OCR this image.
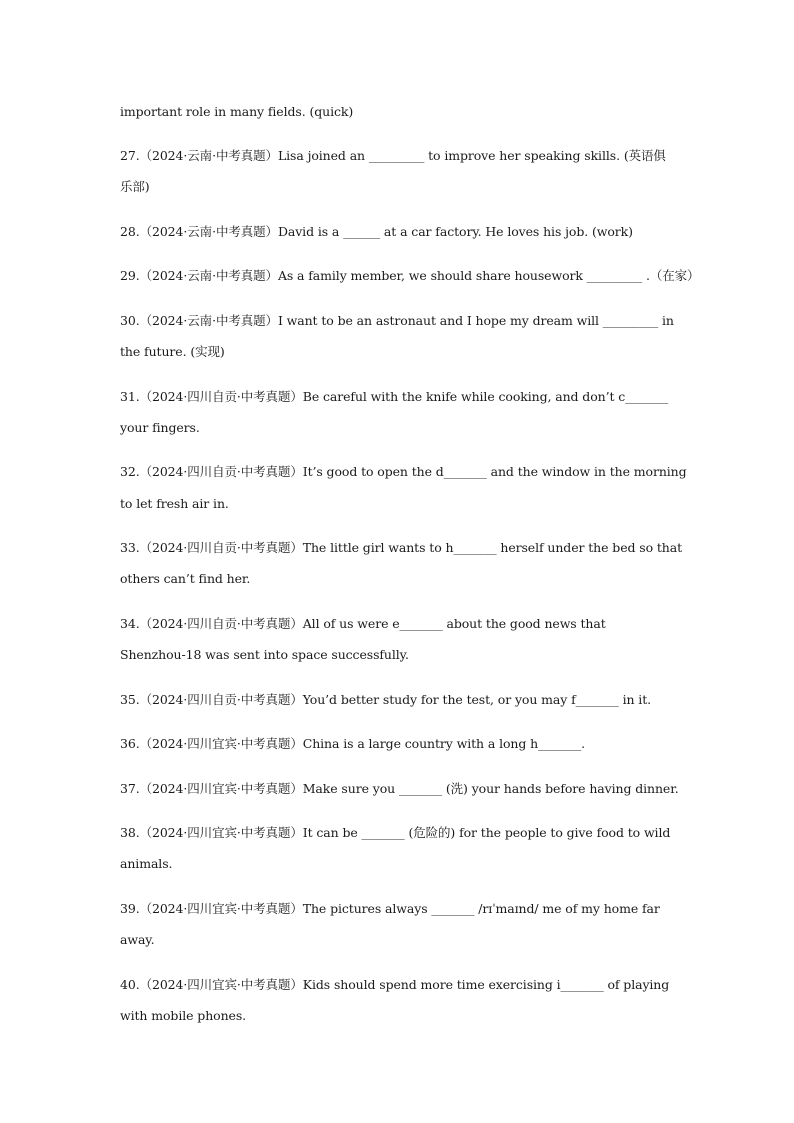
important role in many fields. (quick)
27.（2024·云南·中考真题）Lisa joined an _________ to improve her speaking skills. (英语俱
乐部)
28.（2024·云南·中考真题）David is a ______ at a car factory. He loves his job. (work)
29.（2024·云南·中考真题）As a family member, we should share housework _________ .（在家）
30.（2024·云南·中考真题）I want to be an astronaut and I hope my dream will _________ in
the future. (实现)
31.（2024·四川自贡·中考真题）Be careful with the knife while cooking, and don’t c_______
your fingers.
32.（2024·四川自贡·中考真题）It’s good to open the d_______ and the window in the morning
to let fresh air in.
33.（2024·四川自贡·中考真题）The little girl wants to h_______ herself under the bed so that
others can’t find her.
34.（2024·四川自贡·中考真题）All of us were e_______ about the good news that
Shenzhou-18 was sent into space successfully.
35.（2024·四川自贡·中考真题）You’d better study for the test, or you may f_______ in it.
36.（2024·四川宜宾·中考真题）China is a large country with a long h_______.
37.（2024·四川宜宾·中考真题）Make sure you _______ (洗) your hands before having dinner.
38.（2024·四川宜宾·中考真题）It can be _______ (危险的) for the people to give food to wild
animals.
39.（2024·四川宜宾·中考真题）The pictures always _______ /rɪˈmaɪnd/ me of my home far
away.
40.（2024·四川宜宾·中考真题）Kids should spend more time exercising i_______ of playing
with mobile phones.
